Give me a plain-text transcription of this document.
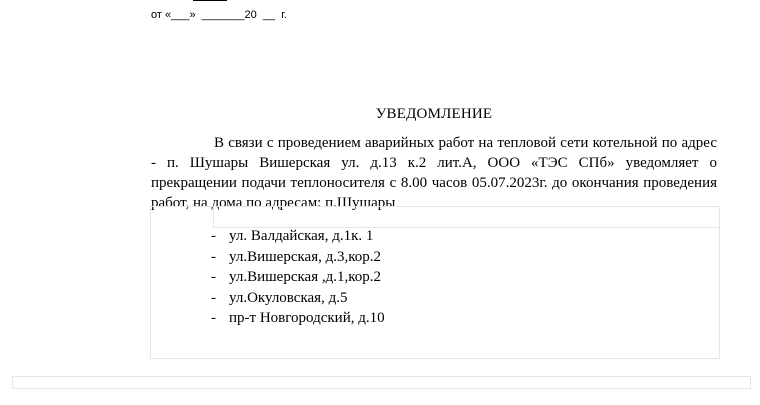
от «___»  _______20  __  г.
УВЕДОМЛЕНИЕ

В связи с проведением аварийных работ на тепловой сети котельной по адрес - п. Шушары Вишерская ул. д.13 к.2 лит.А, ООО «ТЭС СПб» уведомляет о прекращении подачи теплоносителя с 8.00 часов 05.07.2023г. до окончания проведения работ, на дома по адресам: п.Шушары

- ул. Валдайская, д.1к. 1
- ул.Вишерская, д.3,кор.2
- ул.Вишерская ,д.1,кор.2
- ул.Окуловская, д.5
- пр-т Новгородский, д.10
